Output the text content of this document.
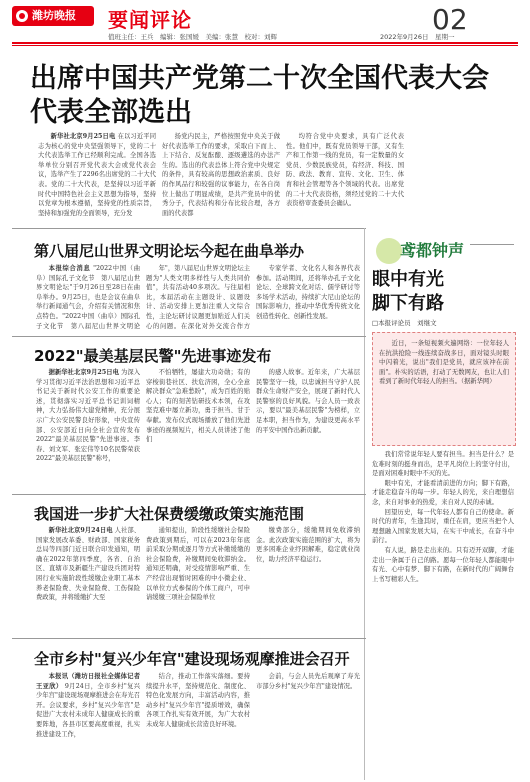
潍坊晚报	要闻评论	02
值班主任：王兵　编辑：张国媛　美编：张慧　校对：刘辉	2022年9月26日　星期一
出席中国共产党第二十次全国代表大会代表全部选出
新华社北京9月25日电 在以习近平同志为核心的党中央坚强领导下，党的二十大代表选举工作已经顺利完成。全国各选举单位分别召开党代表大会或党代表会议，选举产生了2296名出席党的二十大代表。党的二十大代表，是坚持以习近平新时代中国特色社会主义思想为指导，坚持以党章为根本遵循，坚持党的性质宗旨，坚持和加强党的全面领导，充分发
扬党内民主，严格按照党中央关于做好代表选举工作的要求，采取自下而上、上下结合、反复酝酿、逐级遴选的办法产生的。选出的代表总体上符合党中央规定的条件，具有较高的思想政治素质、良好的作风品行和较强的议事能力，在各自岗位上做出了明显成绩，是共产党员中的优秀分子，代表结构和分布比较合理，各方面的代表都
均符合党中央要求，具有广泛代表性。他们中，既有党员领导干部，又有生产和工作第一线的党员，有一定数量的女党员、少数民族党员，有经济、科技、国防、政法、教育、宣传、文化、卫生、体育和社会管理等各个领域的代表。出席党的二十大代表资格，须经过党的二十大代表资格审查委员会确认。
第八届尼山世界文明论坛今起在曲阜举办
本报综合消息 "2022中国（曲阜）国际孔子文化节　第八届尼山世界文明论坛"于9月26日至28日在曲阜举办。9月25日，也是会议在曲阜举行新闻通气会，介绍有关情况和焦点特色。"2022中国（曲阜）国际孔子文化节　第八届尼山世界文明论
年"，第八届尼山世界文明论坛主题为"人类文明多样性与人类共同价值"，共有活动40多项次。与往届相比，本届活动在主题设计、议题设计、活动安排上更加注重人文综合性，主论坛研讨议题更加贴近人们关心的问题。在深化对外交流合作方
专家学者、文化名人和各界代表参加。活动期间，还将举办孔子文化论坛、全球跨文化对话、儒学研讨等多场学术活动，持续扩大尼山论坛的国际影响力，推动中华优秀传统文化创造性转化、创新性发展。
2022"最美基层民警"先进事迹发布
据新华社北京9月25日电 为深入学习贯彻习近平法治思想和习近平总书记关于新时代公安工作的重要论述，贯彻落实习近平总书记训词精神，大力弘扬伟大建党精神，充分展示广大公安民警良好形象，中央宣传部、公安部近日向全社会宣传发布2022"最美基层民警"先进事迹。李春、刘文军、张宏伟等10名民警荣获2022"最美基层民警"称号，
不怕牺牲，屡建大功奇勋；有的穿梭街巷社区、扶危济困，全心全意解决群众"急难愁盼"，成为百姓的贴心人；有的刻苦钻研技术本领，在攻坚克难中屡立新功，勇于担当、甘于奉献。发布仪式现场播放了他们先进事迹的视频短片，相关人员讲述了他们
的感人故事。近年来，广大基层民警坚守一线，以忠诚担当守护人民群众生命财产安全，展现了新时代人民警察的良好风貌。与会人员一致表示，要以"最美基层民警"为榜样，立足本职，担当作为，为建设更高水平的平安中国作出新贡献。
我国进一步扩大社保费缓缴政策实施范围
新华社北京9月24日电 人社部、国家发展改革委、财政部、国家税务总局等四部门近日联合印发通知，明确在2022年第四季度，各省、自治区、直辖市及新疆生产建设兵团对特困行业实施阶段性缓缴企业职工基本养老保险费、失业保险费、工伤保险费政策，并将缓缴扩大至
通知提出，阶段性缓缴社会保险费政策到期后，可以在2023年年底前采取分期或逐月等方式补缴缓缴的社会保险费，补缴期间免收滞纳金。通知还明确，对受疫情影响严重、生产经营出现暂时困难的中小微企业、以单位方式参保的个体工商户，可申请缓缴三项社会保险单位
缴费部分，缓缴期间免收滞纳金。此次政策实施范围的扩大，将为更多困难企业纾困解难，稳定就业岗位，助力经济平稳运行。
全市乡村"复兴少年宫"建设现场观摩推进会召开
本报讯（潍坊日报社全媒体记者　王亚欣） 9月24日，全市乡村"复兴少年宫"建设现场观摩推进会在寿光召开。会议要求，乡村"复兴少年宫"是促进广大农村未成年人健康成长的重要阵地，各县市区要高度重视，扎实推进建设工作，
结合，推动工作落实落细。要持续提升水平，坚持规范化、制度化、特色化发展方向，丰富活动内容，推动乡村"复兴少年宫"提质增效，确保各项工作扎实有效开展，为广大农村未成年人健康成长营造良好环境。
会前，与会人员先后观摩了寿光市部分乡村"复兴少年宫"建设情况。
鸢都钟声
眼中有光
脚下有路
□本报评论员　刘继文
近日，一条短视频火遍网络：一位年轻人在抗洪抢险一线连续奋战多日，面对镜头时眼中闪着光，说出"我们是党员，就应该冲在前面"。朴实的话语，打动了无数网友，也让人们看到了新时代年轻人的担当。（据新华网）

我们常常说年轻人要有担当。担当是什么？是危难时刻的挺身而出，是平凡岗位上的坚守付出，是面对困难时眼中不灭的光。

眼中有光，才能看清前进的方向；脚下有路，才能走稳奋斗的每一步。年轻人的光，来自理想信念，来自对事业的热爱，来自对人民的赤诚。

回望历史，每一代年轻人都有自己的使命。新时代的青年，生逢其时，重任在肩，更应当把个人理想融入国家发展大局，在实干中成长，在奋斗中前行。

有人说，路是走出来的。只有迈开双脚，才能走出一条属于自己的路。愿每一位年轻人都能眼中有光、心中有梦、脚下有路，在新时代的广阔舞台上书写精彩人生。
